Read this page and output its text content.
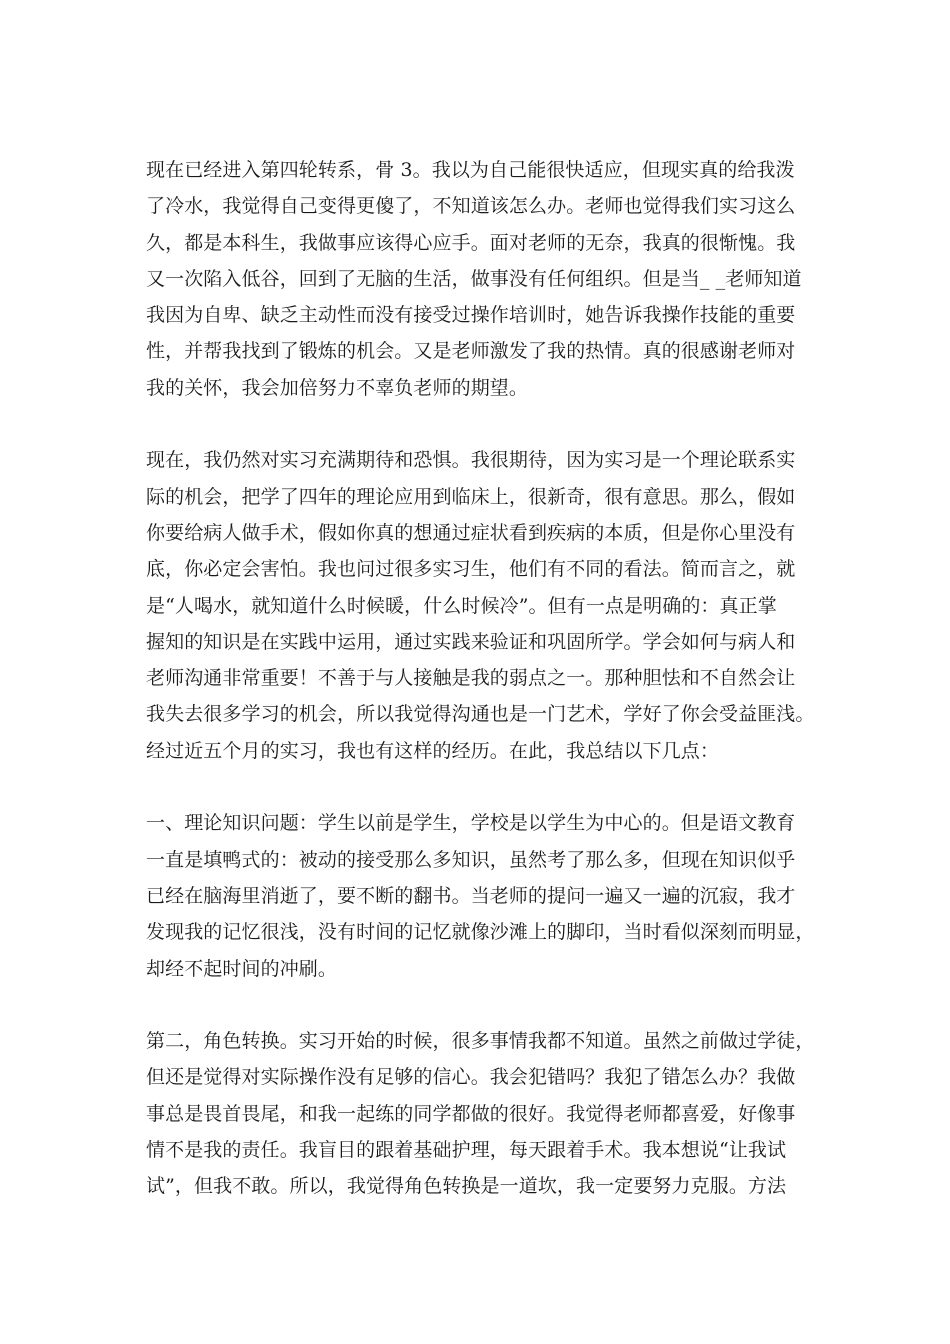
现在已经进入第四轮转系，骨 3。我以为自己能很快适应，但现实真的给我泼
了冷水，我觉得自己变得更傻了，不知道该怎么办。老师也觉得我们实习这么
久，都是本科生，我做事应该得心应手。面对老师的无奈，我真的很惭愧。我
又一次陷入低谷，回到了无脑的生活，做事没有任何组织。但是当_ _老师知道
我因为自卑、缺乏主动性而没有接受过操作培训时，她告诉我操作技能的重要
性，并帮我找到了锻炼的机会。又是老师激发了我的热情。真的很感谢老师对
我的关怀，我会加倍努力不辜负老师的期望。
现在，我仍然对实习充满期待和恐惧。我很期待，因为实习是一个理论联系实
际的机会，把学了四年的理论应用到临床上，很新奇，很有意思。那么，假如
你要给病人做手术，假如你真的想通过症状看到疾病的本质，但是你心里没有
底，你必定会害怕。我也问过很多实习生，他们有不同的看法。简而言之，就
是“人喝水，就知道什么时候暖，什么时候冷”。但有一点是明确的：真正掌
握知的知识是在实践中运用，通过实践来验证和巩固所学。学会如何与病人和
老师沟通非常重要！不善于与人接触是我的弱点之一。那种胆怯和不自然会让
我失去很多学习的机会，所以我觉得沟通也是一门艺术，学好了你会受益匪浅。
经过近五个月的实习，我也有这样的经历。在此，我总结以下几点：
一、理论知识问题：学生以前是学生，学校是以学生为中心的。但是语文教育
一直是填鸭式的：被动的接受那么多知识，虽然考了那么多，但现在知识似乎
已经在脑海里消逝了，要不断的翻书。当老师的提问一遍又一遍的沉寂，我才
发现我的记忆很浅，没有时间的记忆就像沙滩上的脚印，当时看似深刻而明显，
却经不起时间的冲刷。
第二，角色转换。实习开始的时候，很多事情我都不知道。虽然之前做过学徒，
但还是觉得对实际操作没有足够的信心。我会犯错吗？我犯了错怎么办？我做
事总是畏首畏尾，和我一起练的同学都做的很好。我觉得老师都喜爱，好像事
情不是我的责任。我盲目的跟着基础护理，每天跟着手术。我本想说“让我试
试”，但我不敢。所以，我觉得角色转换是一道坎，我一定要努力克服。方法
